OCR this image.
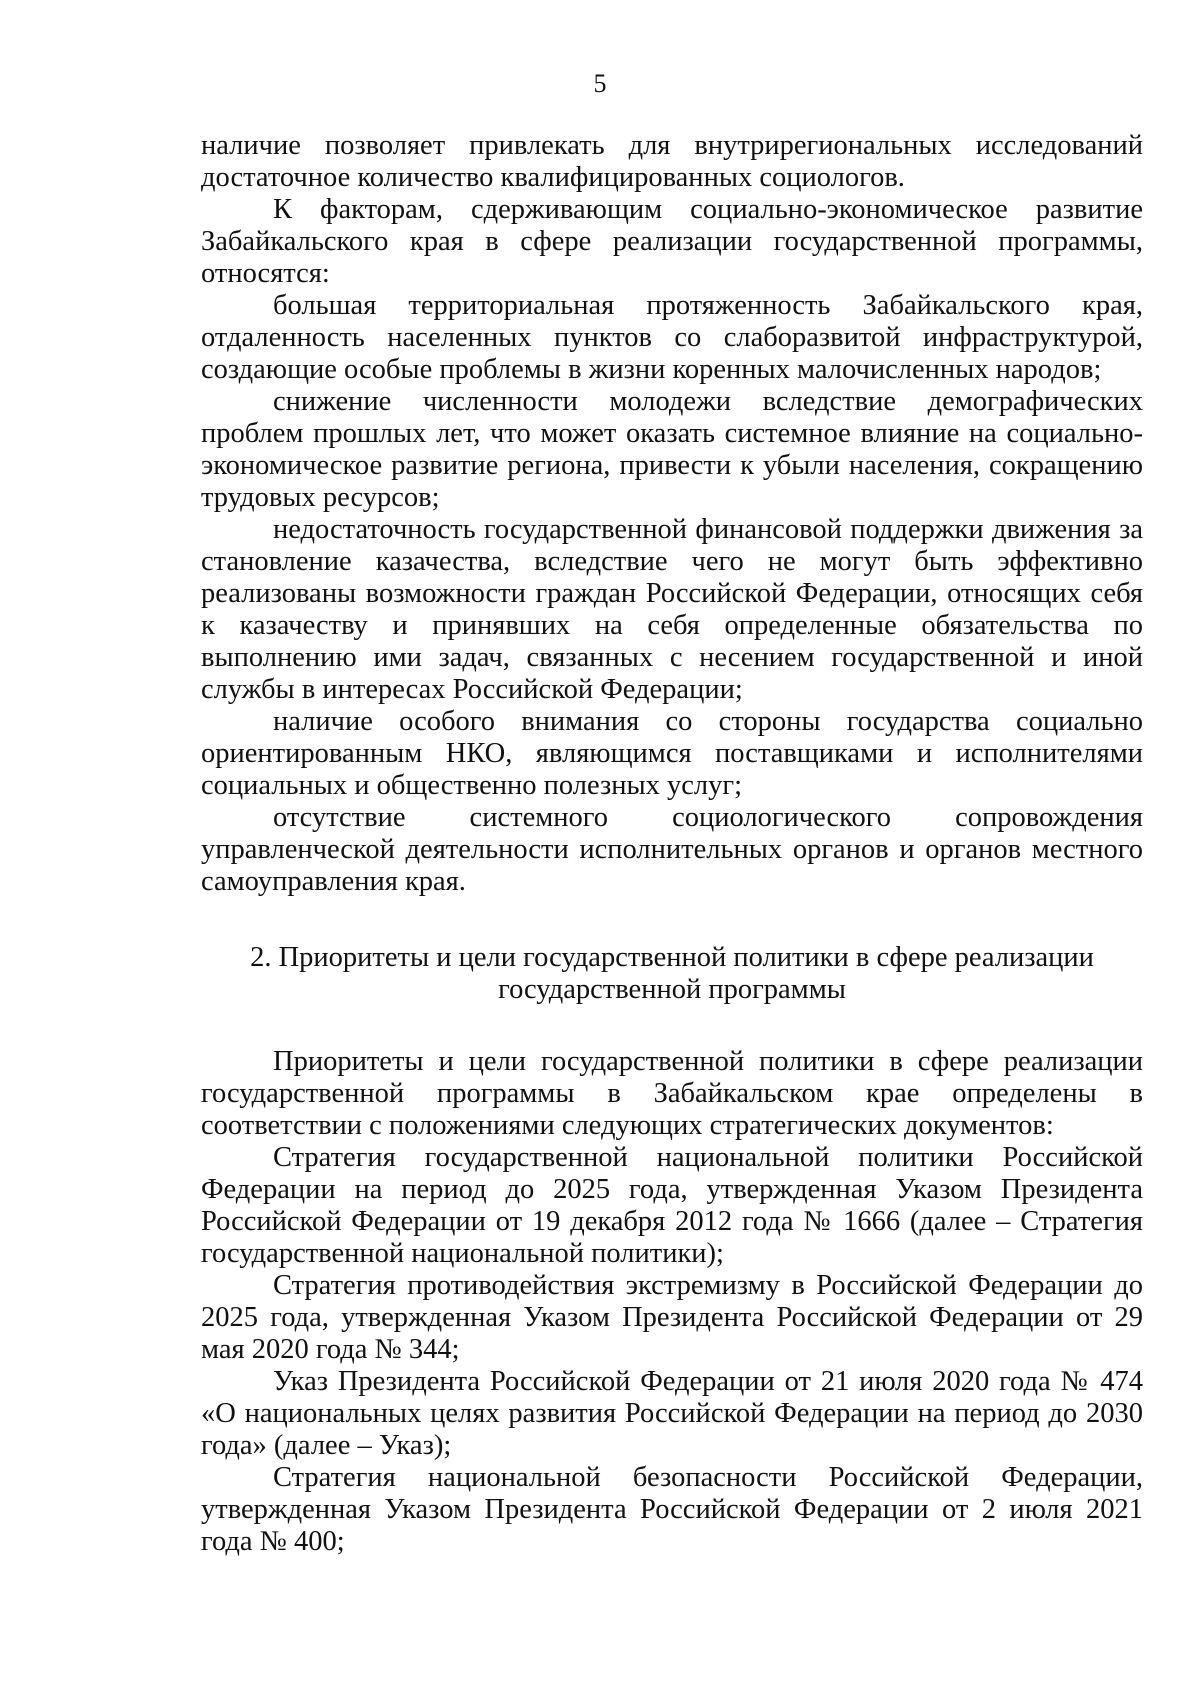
5

наличие позволяет привлекать для внутрирегиональных исследований достаточное количество квалифицированных социологов.

К факторам, сдерживающим социально-экономическое развитие Забайкальского края в сфере реализации государственной программы, относятся:

большая территориальная протяженность Забайкальского края, отдаленность населенных пунктов со слаборазвитой инфраструктурой, создающие особые проблемы в жизни коренных малочисленных народов;

снижение численности молодежи вследствие демографических проблем прошлых лет, что может оказать системное влияние на социально-экономическое развитие региона, привести к убыли населения, сокращению трудовых ресурсов;

недостаточность государственной финансовой поддержки движения за становление казачества, вследствие чего не могут быть эффективно реализованы возможности граждан Российской Федерации, относящих себя к казачеству и принявших на себя определенные обязательства по выполнению ими задач, связанных с несением государственной и иной службы в интересах Российской Федерации;

наличие особого внимания со стороны государства социально ориентированным НКО, являющимся поставщиками и исполнителями социальных и общественно полезных услуг;

отсутствие системного социологического сопровождения управленческой деятельности исполнительных органов и органов местного самоуправления края.

2. Приоритеты и цели государственной политики в сфере реализации государственной программы

Приоритеты и цели государственной политики в сфере реализации государственной программы в Забайкальском крае определены в соответствии с положениями следующих стратегических документов:

Стратегия государственной национальной политики Российской Федерации на период до 2025 года, утвержденная Указом Президента Российской Федерации от 19 декабря 2012 года № 1666 (далее – Стратегия государственной национальной политики);

Стратегия противодействия экстремизму в Российской Федерации до 2025 года, утвержденная Указом Президента Российской Федерации от 29 мая 2020 года № 344;

Указ Президента Российской Федерации от 21 июля 2020 года № 474 «О национальных целях развития Российской Федерации на период до 2030 года» (далее – Указ);

Стратегия национальной безопасности Российской Федерации, утвержденная Указом Президента Российской Федерации от 2 июля 2021 года № 400;
